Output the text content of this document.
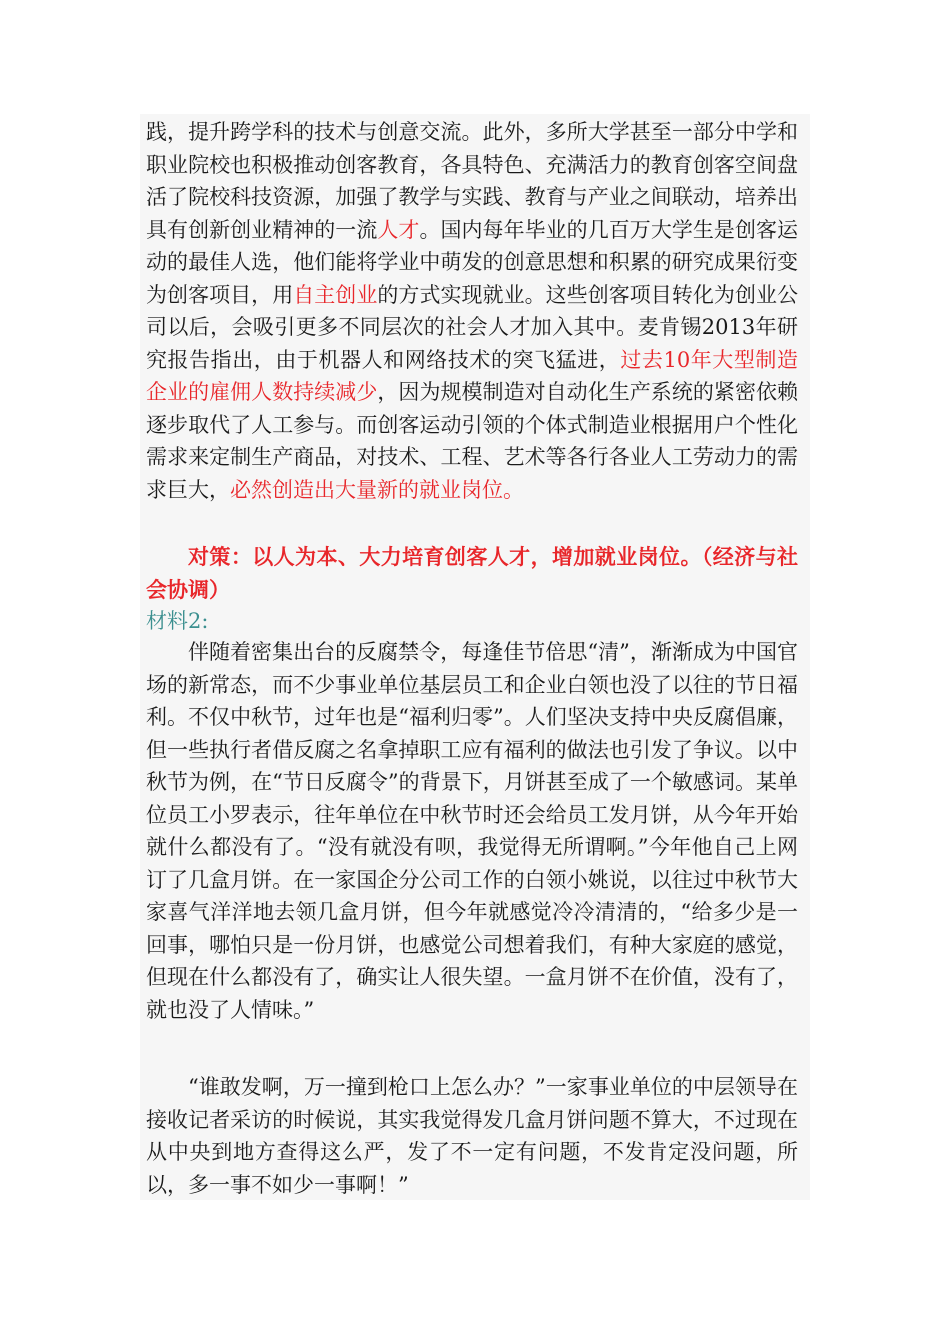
践，提升跨学科的技术与创意交流。此外，多所大学甚至一部分中学和职业院校也积极推动创客教育，各具特色、充满活力的教育创客空间盘活了院校科技资源，加强了教学与实践、教育与产业之间联动，培养出具有创新创业精神的一流人才。国内每年毕业的几百万大学生是创客运动的最佳人选，他们能将学业中萌发的创意思想和积累的研究成果衍变为创客项目，用自主创业的方式实现就业。这些创客项目转化为创业公司以后，会吸引更多不同层次的社会人才加入其中。麦肯锡2013年研究报告指出，由于机器人和网络技术的突飞猛进，过去10年大型制造企业的雇佣人数持续减少，因为规模制造对自动化生产系统的紧密依赖逐步取代了人工参与。而创客运动引领的个体式制造业根据用户个性化需求来定制生产商品，对技术、工程、艺术等各行各业人工劳动力的需求巨大，必然创造出大量新的就业岗位。

对策：以人为本、大力培育创客人才，增加就业岗位。（经济与社会协调）

材料2:

伴随着密集出台的反腐禁令，每逢佳节倍思“清”，渐渐成为中国官场的新常态，而不少事业单位基层员工和企业白领也没了以往的节日福利。不仅中秋节，过年也是“福利归零”。人们坚决支持中央反腐倡廉，但一些执行者借反腐之名拿掉职工应有福利的做法也引发了争议。以中秋节为例，在“节日反腐令”的背景下，月饼甚至成了一个敏感词。某单位员工小罗表示，往年单位在中秋节时还会给员工发月饼，从今年开始就什么都没有了。“没有就没有呗，我觉得无所谓啊。”今年他自己上网订了几盒月饼。在一家国企分公司工作的白领小姚说，以往过中秋节大家喜气洋洋地去领几盒月饼，但今年就感觉冷冷清清的，“给多少是一回事，哪怕只是一份月饼，也感觉公司想着我们，有种大家庭的感觉，但现在什么都没有了，确实让人很失望。一盒月饼不在价值，没有了，就也没了人情味。”

“谁敢发啊，万一撞到枪口上怎么办？”一家事业单位的中层领导在接收记者采访的时候说，其实我觉得发几盒月饼问题不算大，不过现在从中央到地方查得这么严，发了不一定有问题，不发肯定没问题，所以，多一事不如少一事啊！”
